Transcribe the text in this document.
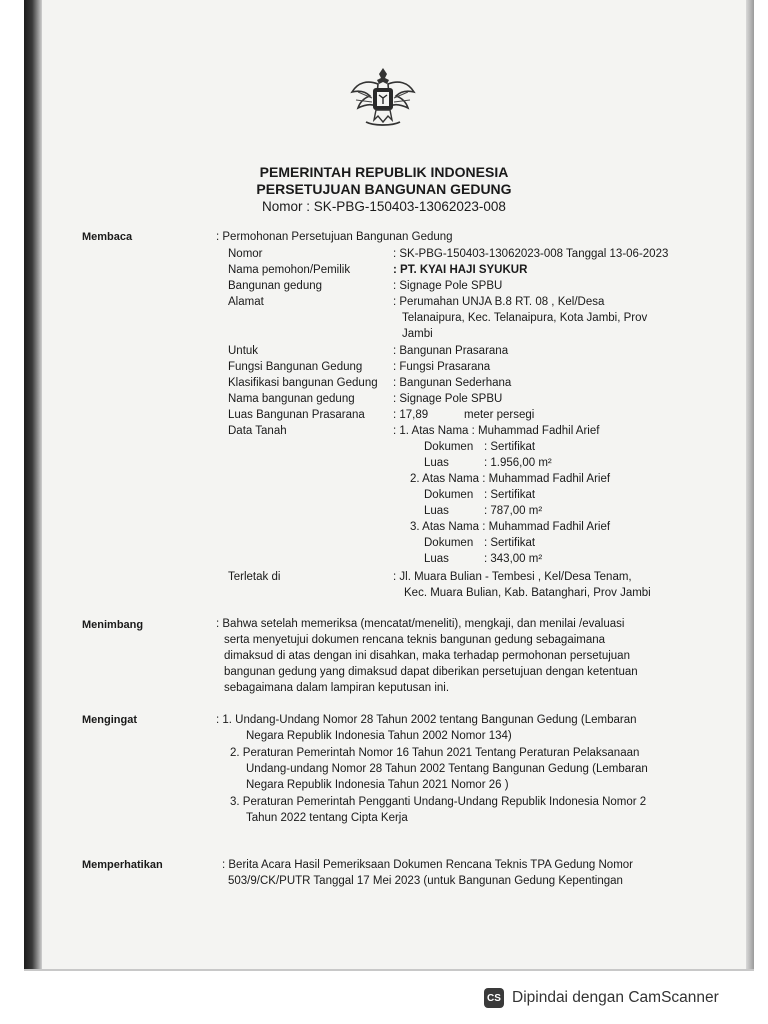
PEMERINTAH REPUBLIK INDONESIA
PERSETUJUAN BANGUNAN GEDUNG
Nomor : SK-PBG-150403-13062023-008
Membaca	: Permohonan Persetujuan Bangunan Gedung
Nomor	: SK-PBG-150403-13062023-008 Tanggal 13-06-2023
Nama pemohon/Pemilik	: PT. KYAI HAJI SYUKUR
Bangunan gedung	: Signage Pole SPBU
Alamat	: Perumahan UNJA B.8 RT. 08 , Kel/Desa
Telanaipura, Kec. Telanaipura, Kota Jambi, Prov
Jambi
Untuk	: Bangunan Prasarana
Fungsi Bangunan Gedung	: Fungsi Prasarana
Klasifikasi bangunan Gedung : Bangunan Sederhana
Nama bangunan gedung	: Signage Pole SPBU
Luas Bangunan Prasarana : 17,89	meter persegi
Data Tanah	: 1. Atas Nama : Muhammad Fadhil Arief
Dokumen : Sertifikat
Luas	: 1.956,00 m²
2. Atas Nama : Muhammad Fadhil Arief
Dokumen : Sertifikat
Luas	: 787,00 m²
3. Atas Nama : Muhammad Fadhil Arief
Dokumen : Sertifikat
Luas	: 343,00 m²
Terletak di	: Jl. Muara Bulian - Tembesi , Kel/Desa Tenam,
Kec. Muara Bulian, Kab. Batanghari, Prov Jambi
Menimbang	: Bahwa setelah memeriksa (mencatat/meneliti), mengkaji, dan menilai /evaluasi
serta menyetujui dokumen rencana teknis bangunan gedung sebagaimana
dimaksud di atas dengan ini disahkan, maka terhadap permohonan persetujuan
bangunan gedung yang dimaksud dapat diberikan persetujuan dengan ketentuan
sebagaimana dalam lampiran keputusan ini.
Mengingat	: 1. Undang-Undang Nomor 28 Tahun 2002 tentang Bangunan Gedung (Lembaran
Negara Republik Indonesia Tahun 2002 Nomor 134)
2. Peraturan Pemerintah Nomor 16 Tahun 2021 Tentang Peraturan Pelaksanaan
Undang-undang Nomor 28 Tahun 2002 Tentang Bangunan Gedung (Lembaran
Negara Republik Indonesia Tahun 2021 Nomor 26 )
3. Peraturan Pemerintah Pengganti Undang-Undang Republik Indonesia Nomor 2
Tahun 2022 tentang Cipta Kerja
Memperhatikan	: Berita Acara Hasil Pemeriksaan Dokumen Rencana Teknis TPA Gedung Nomor
503/9/CK/PUTR Tanggal 17 Mei 2023 (untuk Bangunan Gedung Kepentingan
CS Dipindai dengan CamScanner
